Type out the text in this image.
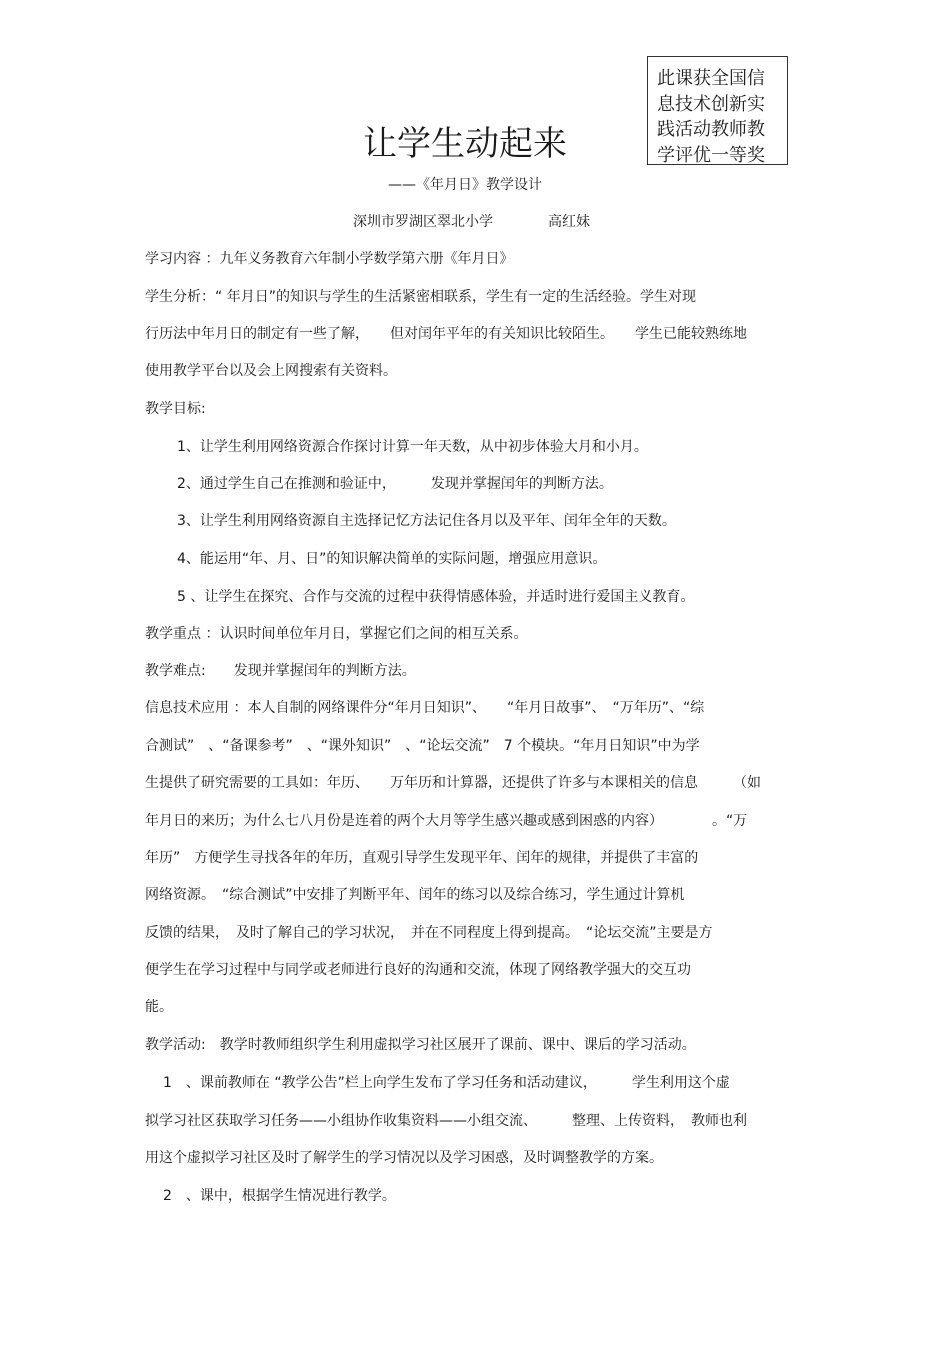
此课获全国信
息技术创新实
践活动教师教
学评优一等奖
让学生动起来
——《年月日》教学设计
深圳市罗湖区翠北小学	高红妹
学习内容 ：九年义务教育六年制小学数学第六册《年月日》
学生分析：“ 年月日”的知识与学生的生活紧密相联系，学生有一定的生活经验。学生对现
行历法中年月日的制定有一些了解，　　但对闰年平年的有关知识比较陌生。　　学生已能较熟练地
使用教学平台以及会上网搜索有关资料。
教学目标:
1、让学生利用网络资源合作探讨计算一年天数，从中初步体验大月和小月。
2、通过学生自己在推测和验证中，　　　发现并掌握闰年的判断方法。
3、让学生利用网络资源自主选择记忆方法记住各月以及平年、闰年全年的天数。
4、能运用“年、月、日”的知识解决简单的实际问题，增强应用意识。
5 、让学生在探究、合作与交流的过程中获得情感体验，并适时进行爱国主义教育。
教学重点 ：认识时间单位年月日，掌握它们之间的相互关系。
教学难点:　　发现并掌握闰年的判断方法。
信息技术应用 ：本人自制的网络课件分“年月日知识”、　　“年月日故事”、　“万年历”、“综
合测试”　、“备课参考”　、“课外知识”　、“论坛交流”　7 个模块。“年月日知识”中为学
生提供了研究需要的工具如：年历、　　万年历和计算器，还提供了许多与本课相关的信息　　　（如
年月日的来历；为什么七八月份是连着的两个大月等学生感兴趣或感到困惑的内容）　　　　。“万
年历”　方便学生寻找各年的年历，直观引导学生发现平年、闰年的规律，并提供了丰富的
网络资源。　“综合测试”中安排了判断平年、闰年的练习以及综合练习，学生通过计算机
反馈的结果，　及时了解自己的学习状况，　并在不同程度上得到提高。　“论坛交流”主要是方
便学生在学习过程中与同学或老师进行良好的沟通和交流，体现了网络教学强大的交互功
能。
教学活动:　教学时教师组织学生利用虚拟学习社区展开了课前、课中、课后的学习活动。
1　、课前教师在 “教学公告”栏上向学生发布了学习任务和活动建议，　　　学生利用这个虚
拟学习社区获取学习任务——小组协作收集资料——小组交流、　　　整理、上传资料，　教师也利
用这个虚拟学习社区及时了解学生的学习情况以及学习困惑，及时调整教学的方案。
2　、课中，根据学生情况进行教学。
